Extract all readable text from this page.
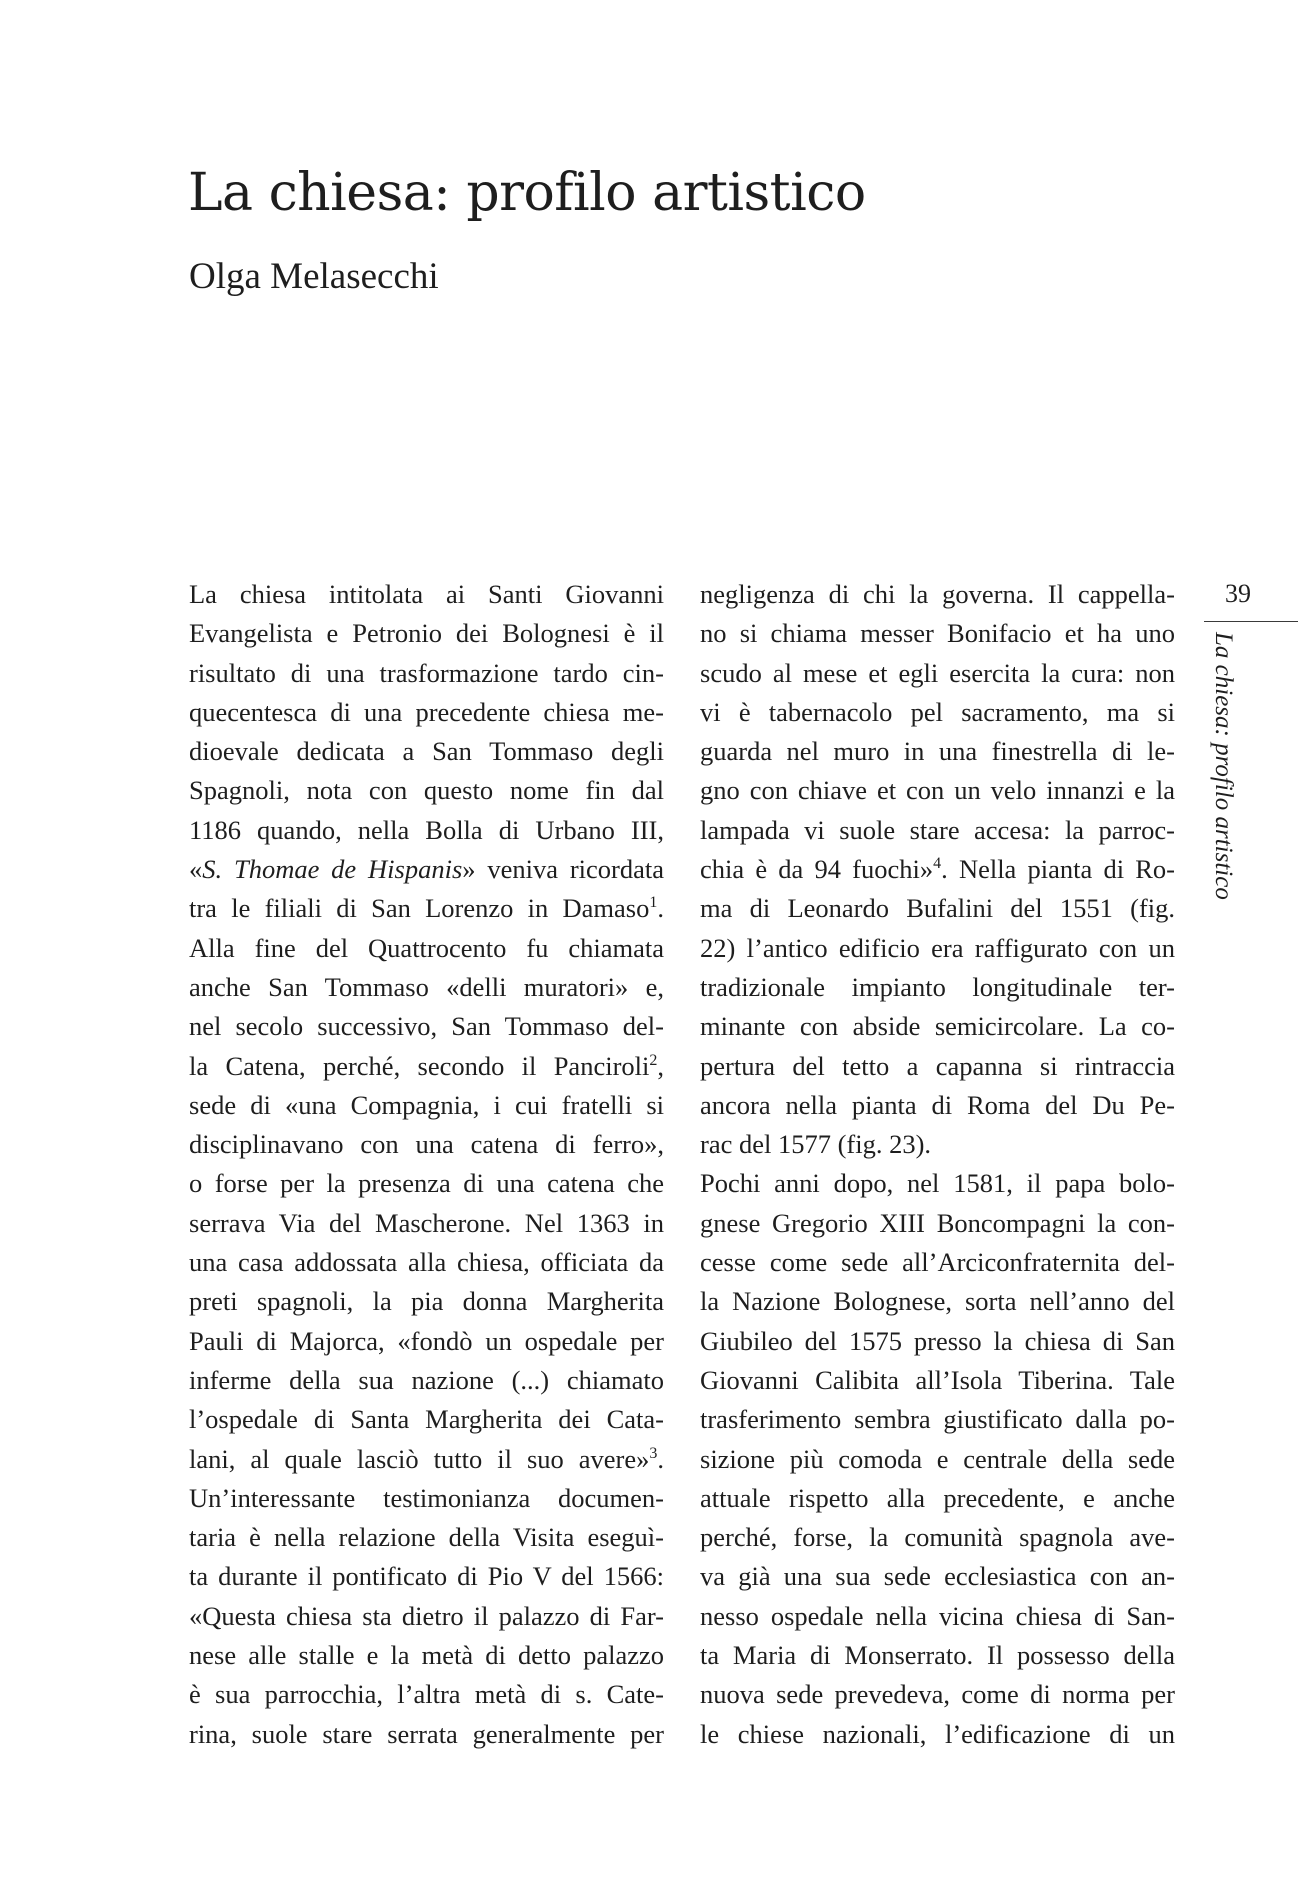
La chiesa: profilo artistico
Olga Melasecchi
La chiesa intitolata ai Santi Giovanni
Evangelista e Petronio dei Bolognesi è il
risultato di una trasformazione tardo cin-
quecentesca di una precedente chiesa me-
dioevale dedicata a San Tommaso degli
Spagnoli, nota con questo nome fin dal
1186 quando, nella Bolla di Urbano III,
«S. Thomae de Hispanis» veniva ricordata
tra le filiali di San Lorenzo in Damaso$^1$.
Alla fine del Quattrocento fu chiamata
anche San Tommaso «delli muratori» e,
nel secolo successivo, San Tommaso del-
la Catena, perché, secondo il Panciroli$^2$,
sede di «una Compagnia, i cui fratelli si
disciplinavano con una catena di ferro»,
o forse per la presenza di una catena che
serrava Via del Mascherone. Nel 1363 in
una casa addossata alla chiesa, officiata da
preti spagnoli, la pia donna Margherita
Pauli di Majorca, «fondò un ospedale per
inferme della sua nazione (...) chiamato
l’ospedale di Santa Margherita dei Cata-
lani, al quale lasciò tutto il suo avere»$^3$.
Un’interessante testimonianza documen-
taria è nella relazione della Visita eseguì-
ta durante il pontificato di Pio V del 1566:
«Questa chiesa sta dietro il palazzo di Far-
nese alle stalle e la metà di detto palazzo
è sua parrocchia, l’altra metà di s. Cate-
rina, suole stare serrata generalmente per
negligenza di chi la governa. Il cappella-
no si chiama messer Bonifacio et ha uno
scudo al mese et egli esercita la cura: non
vi è tabernacolo pel sacramento, ma si
guarda nel muro in una finestrella di le-
gno con chiave et con un velo innanzi e la
lampada vi suole stare accesa: la parroc-
chia è da 94 fuochi»$^4$. Nella pianta di Ro-
ma di Leonardo Bufalini del 1551 (fig.
22) l’antico edificio era raffigurato con un
tradizionale impianto longitudinale ter-
minante con abside semicircolare. La co-
pertura del tetto a capanna si rintraccia
ancora nella pianta di Roma del Du Pe-
rac del 1577 (fig. 23).
Pochi anni dopo, nel 1581, il papa bolo-
gnese Gregorio XIII Boncompagni la con-
cesse come sede all’Arciconfraternita del-
la Nazione Bolognese, sorta nell’anno del
Giubileo del 1575 presso la chiesa di San
Giovanni Calibita all’Isola Tiberina. Tale
trasferimento sembra giustificato dalla po-
sizione più comoda e centrale della sede
attuale rispetto alla precedente, e anche
perché, forse, la comunità spagnola ave-
va già una sua sede ecclesiastica con an-
nesso ospedale nella vicina chiesa di San-
ta Maria di Monserrato. Il possesso della
nuova sede prevedeva, come di norma per
le chiese nazionali, l’edificazione di un
39
La chiesa: profilo artistico
